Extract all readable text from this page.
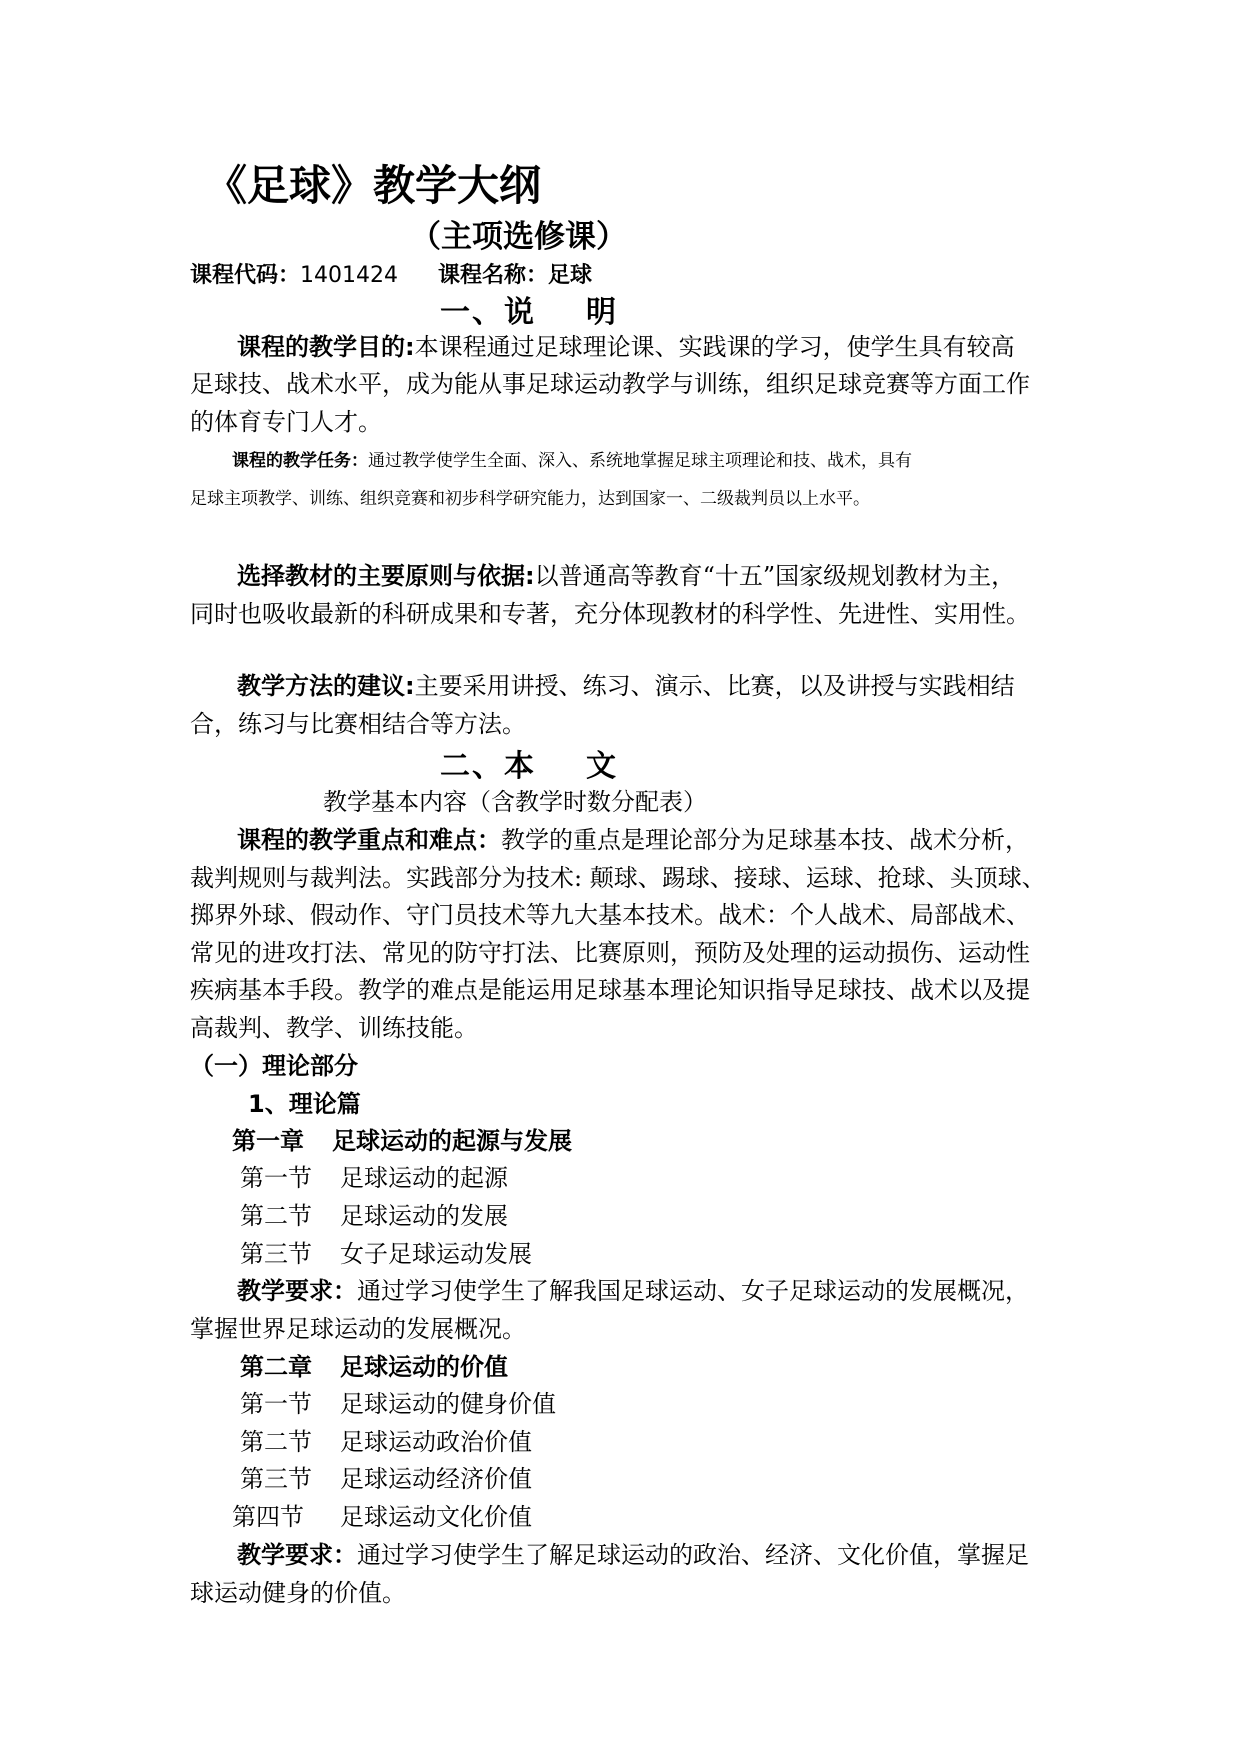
《足球》教学大纲
（主项选修课）
课程代码：1401424 课程名称：足球
一、说 明
课程的教学目的:本课程通过足球理论课、实践课的学习，使学生具有较高
足球技、战术水平，成为能从事足球运动教学与训练，组织足球竞赛等方面工作
的体育专门人才。
课程的教学任务：通过教学使学生全面、深入、系统地掌握足球主项理论和技、战术，具有
足球主项教学、训练、组织竞赛和初步科学研究能力，达到国家一、二级裁判员以上水平。
选择教材的主要原则与依据:以普通高等教育“十五”国家级规划教材为主，
同时也吸收最新的科研成果和专著，充分体现教材的科学性、先进性、实用性。
教学方法的建议:主要采用讲授、练习、演示、比赛，以及讲授与实践相结
合，练习与比赛相结合等方法。
二、本 文
教学基本内容（含教学时数分配表）
课程的教学重点和难点：教学的重点是理论部分为足球基本技、战术分析，
裁判规则与裁判法。实践部分为技术: 颠球、踢球、接球、运球、抢球、头顶球、
掷界外球、假动作、守门员技术等九大基本技术。战术：个人战术、局部战术、
常见的进攻打法、常见的防守打法、比赛原则，预防及处理的运动损伤、运动性
疾病基本手段。教学的难点是能运用足球基本理论知识指导足球技、战术以及提
高裁判、教学、训练技能。
（一）理论部分
1、理论篇
第一章 足球运动的起源与发展
第一节 足球运动的起源
第二节 足球运动的发展
第三节 女子足球运动发展
教学要求：通过学习使学生了解我国足球运动、女子足球运动的发展概况，
掌握世界足球运动的发展概况。
第二章 足球运动的价值
第一节 足球运动的健身价值
第二节 足球运动政治价值
第三节 足球运动经济价值
第四节 足球运动文化价值
教学要求：通过学习使学生了解足球运动的政治、经济、文化价值，掌握足
球运动健身的价值。
